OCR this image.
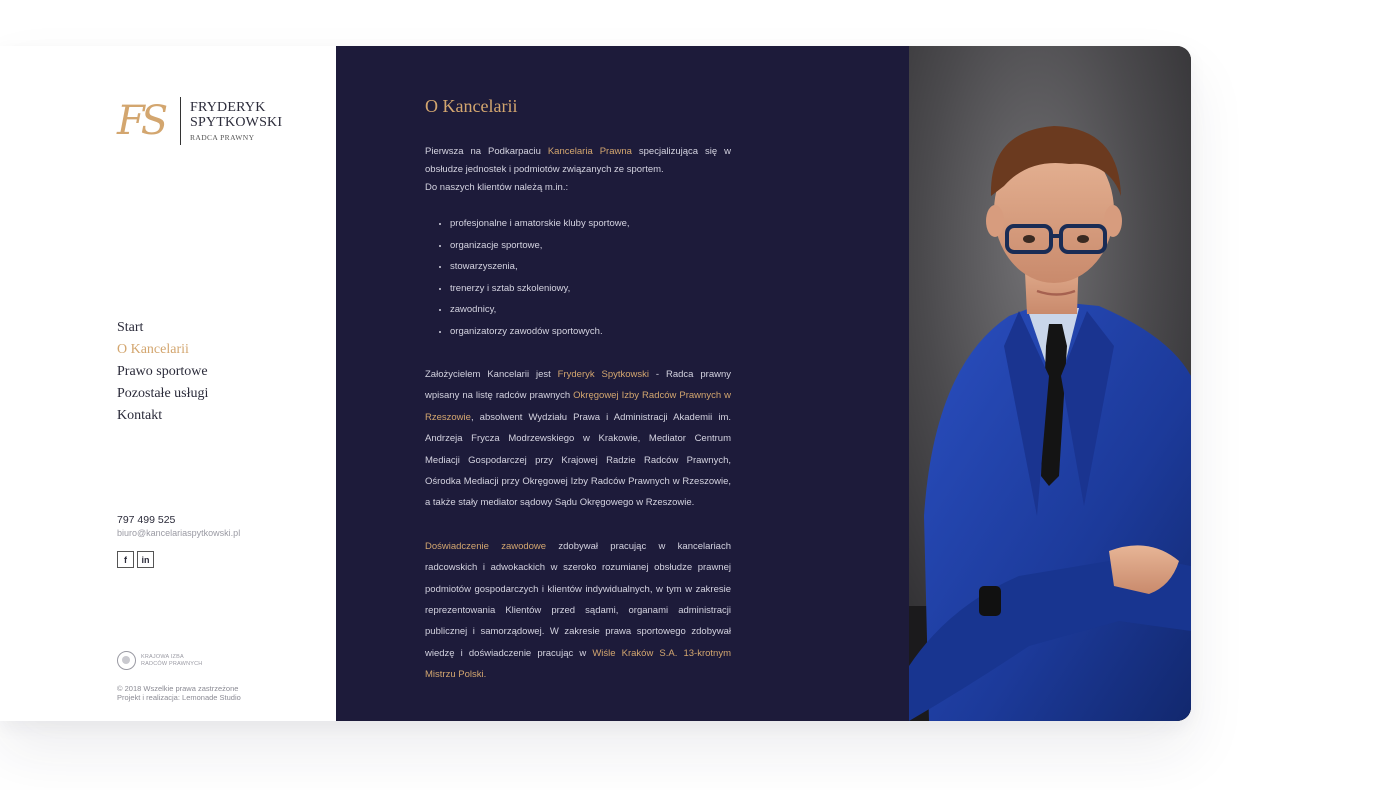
FS	FRYDERYK
SPYTKOWSKI
RADCA PRAWNY
Start
O Kancelarii
Prawo sportowe
Pozostałe usługi
Kontakt
797 499 525
biuro@kancelariaspytkowski.pl
f	in
KRAJOWA IZBA
RADCÓW PRAWNYCH
© 2018 Wszelkie prawa zastrzeżone
Projekt i realizacja: Lemonade Studio
O Kancelarii

Pierwsza na Podkarpaciu Kancelaria Prawna specjalizująca się w obsłudze jednostek i podmiotów związanych ze sportem.
Do naszych klientów należą m.in.:

• profesjonalne i amatorskie kluby sportowe,
• organizacje sportowe,
• stowarzyszenia,
• trenerzy i sztab szkoleniowy,
• zawodnicy,
• organizatorzy zawodów sportowych.

Założycielem Kancelarii jest Fryderyk Spytkowski - Radca prawny wpisany na listę radców prawnych Okręgowej Izby Radców Prawnych w Rzeszowie, absolwent Wydziału Prawa i Administracji Akademii im. Andrzeja Frycza Modrzewskiego w Krakowie, Mediator Centrum Mediacji Gospodarczej przy Krajowej Radzie Radców Prawnych, Ośrodka Mediacji przy Okręgowej Izby Radców Prawnych w Rzeszowie, a także stały mediator sądowy Sądu Okręgowego w Rzeszowie.

Doświadczenie zawodowe zdobywał pracując w kancelariach radcowskich i adwokackich w szeroko rozumianej obsłudze prawnej podmiotów gospodarczych i klientów indywidualnych, w tym w zakresie reprezentowania Klientów przed sądami, organami administracji publicznej i samorządowej. W zakresie prawa sportowego zdobywał wiedzę i doświadczenie pracując w Wiśle Kraków S.A. 13-krotnym Mistrzu Polski.
